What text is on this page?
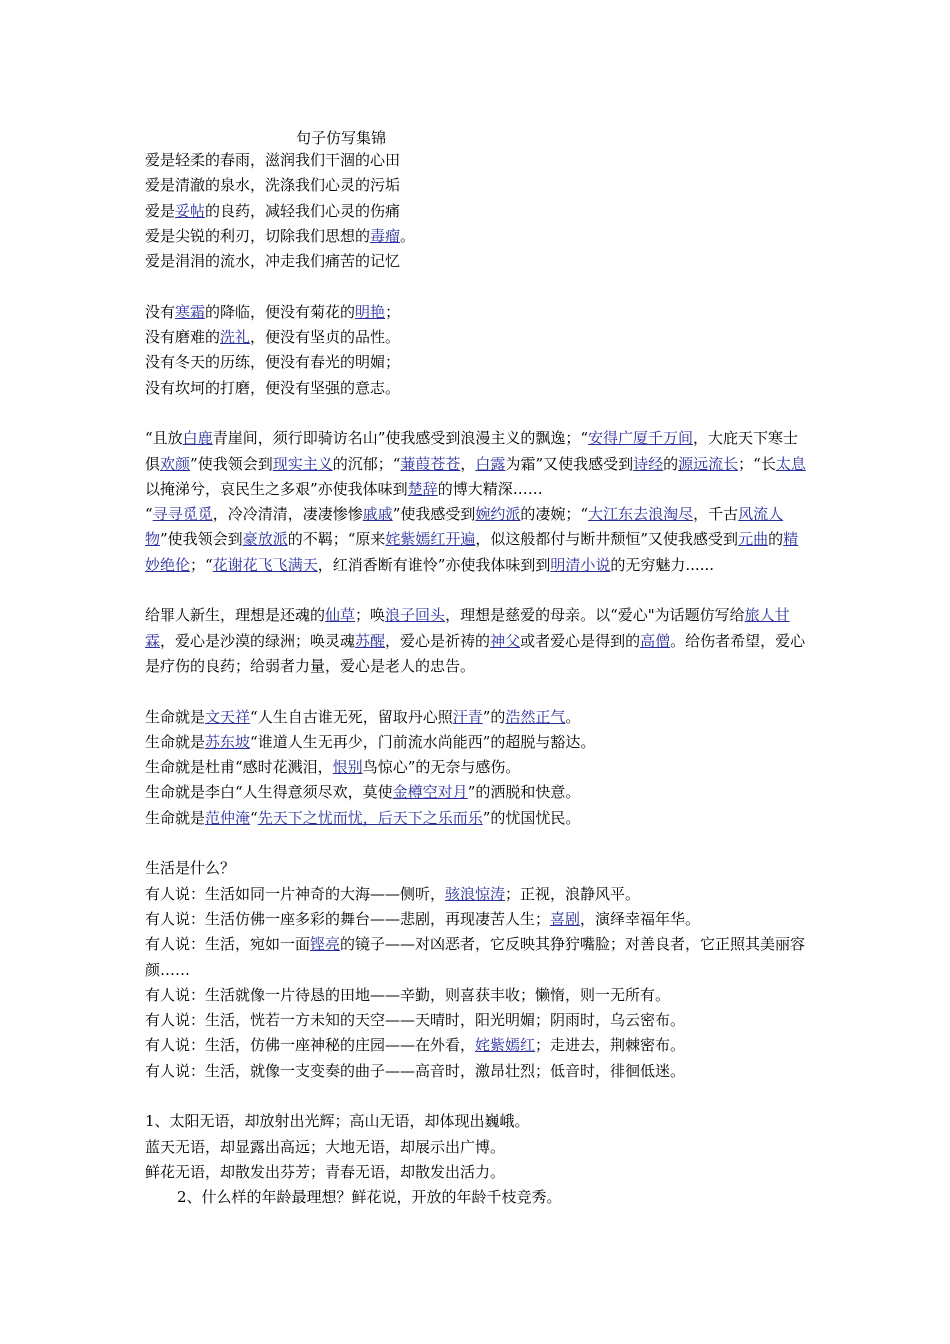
句子仿写集锦
爱是轻柔的春雨，滋润我们干涸的心田
爱是清澈的泉水，洗涤我们心灵的污垢
爱是妥帖的良药，减轻我们心灵的伤痛
爱是尖锐的利刃，切除我们思想的毒瘤。
爱是涓涓的流水，冲走我们痛苦的记忆
没有寒霜的降临，便没有菊花的明艳；
没有磨难的洗礼，便没有坚贞的品性。
没有冬天的历练，便没有春光的明媚；
没有坎坷的打磨，便没有坚强的意志。
“且放白鹿青崖间，须行即骑访名山”使我感受到浪漫主义的飘逸；“安得广厦千万间，大庇天下寒士俱欢颜”使我领会到现实主义的沉郁；“蒹葭苍苍，白露为霜”又使我感受到诗经的源远流长；“长太息以掩涕兮，哀民生之多艰”亦使我体味到楚辞的博大精深……
“寻寻觅觅，冷冷清清，凄凄惨惨戚戚”使我感受到婉约派的凄婉；“大江东去浪淘尽，千古风流人物”使我领会到豪放派的不羁；“原来姹紫嫣红开遍，似这般都付与断井颓恒”又使我感受到元曲的精妙绝伦；“花谢花飞飞满天，红消香断有谁怜”亦使我体味到到明清小说的无穷魅力......
给罪人新生，理想是还魂的仙草；唤浪子回头，理想是慈爱的母亲。以“爱心"为话题仿写给旅人甘霖，爱心是沙漠的绿洲；唤灵魂苏醒，爱心是祈祷的神父或者爱心是得到的高僧。给伤者希望，爱心是疗伤的良药；给弱者力量，爱心是老人的忠告。
生命就是文天祥“人生自古谁无死，留取丹心照汗青”的浩然正气。
生命就是苏东坡“谁道人生无再少，门前流水尚能西”的超脱与豁达。
生命就是杜甫“感时花溅泪，恨别鸟惊心”的无奈与感伤。
生命就是李白“人生得意须尽欢，莫使金樽空对月”的洒脱和快意。
生命就是范仲淹“先天下之忧而忧，后天下之乐而乐”的忧国忧民。
生活是什么？
有人说：生活如同一片神奇的大海——侧听，骇浪惊涛；正视，浪静风平。
有人说：生活仿佛一座多彩的舞台——悲剧，再现凄苦人生；喜剧，演绎幸福年华。
有人说：生活，宛如一面铿亮的镜子——对凶恶者，它反映其狰狞嘴脸；对善良者，它正照其美丽容颜……
有人说：生活就像一片待恳的田地——辛勤，则喜获丰收；懒惰，则一无所有。
有人说：生活，恍若一方未知的天空——天晴时，阳光明媚；阴雨时，乌云密布。
有人说：生活，仿佛一座神秘的庄园——在外看，姹紫嫣红；走进去，荆棘密布。
有人说：生活，就像一支变奏的曲子——高音时，激昂壮烈；低音时，徘徊低迷。
1、太阳无语，却放射出光辉；高山无语，却体现出巍峨。
蓝天无语，却显露出高远；大地无语，却展示出广博。
鲜花无语，却散发出芬芳；青春无语，却散发出活力。
2、什么样的年龄最理想？鲜花说，开放的年龄千枝竞秀。
